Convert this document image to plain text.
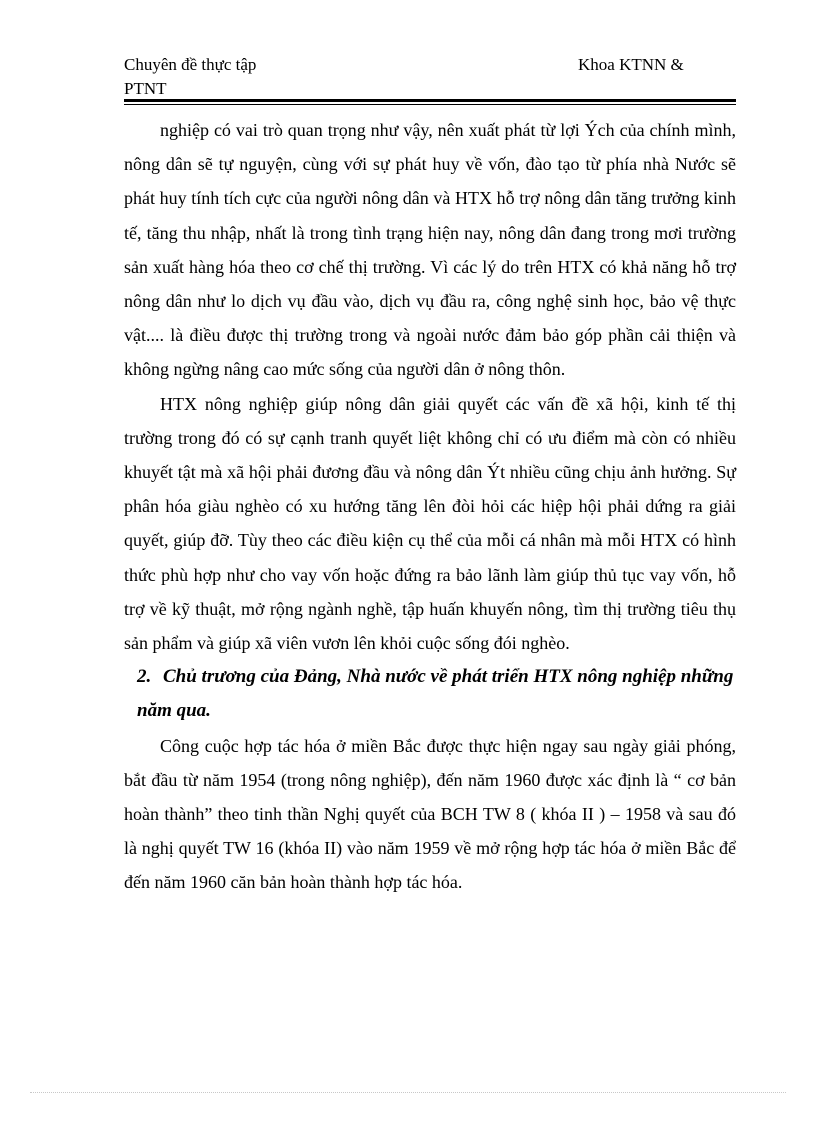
Chuyên đề thực tập	Khoa KTNN &
PTNT

nghiệp có vai trò quan trọng như vậy, nên xuất phát từ lợi Ých của chính mình, nông dân sẽ tự nguyện, cùng với sự phát huy về vốn, đào tạo từ phía nhà Nước sẽ phát huy tính tích cực của người nông dân và HTX hỗ trợ nông dân tăng trưởng kinh tế, tăng thu nhập, nhất là trong tình trạng hiện nay, nông dân đang trong mơi trường sản xuất hàng hóa theo cơ chế thị trường. Vì các lý do trên HTX có khả năng hỗ trợ nông dân như lo dịch vụ đầu vào, dịch vụ đầu ra, công nghệ sinh học, bảo vệ thực vật.... là điều được thị trường trong và ngoài nước đảm bảo góp phần cải thiện và không ngừng nâng cao mức sống của người dân ở nông thôn.

HTX nông nghiệp giúp nông dân giải quyết các vấn đề xã hội, kinh tế thị trường trong đó có sự cạnh tranh quyết liệt không chỉ có ưu điểm mà còn có nhiều khuyết tật mà xã hội phải đương đầu và nông dân Ýt nhiều cũng chịu ảnh hưởng. Sự phân hóa giàu nghèo có xu hướng tăng lên đòi hỏi các hiệp hội phải dứng ra giải quyết, giúp đỡ. Tùy theo các điều kiện cụ thể của mỗi cá nhân mà mỗi HTX có hình thức phù hợp như cho vay vốn hoặc đứng ra bảo lãnh làm giúp thủ tục vay vốn, hỗ trợ về kỹ thuật, mở rộng ngành nghề, tập huấn khuyến nông, tìm thị trường tiêu thụ sản phẩm và giúp xã viên vươn lên khỏi cuộc sống đói nghèo.

2. Chủ trương của Đảng, Nhà nước về phát triển HTX nông nghiệp những năm qua.

Công cuộc hợp tác hóa ở miền Bắc được thực hiện ngay sau ngày giải phóng, bắt đầu từ năm 1954 (trong nông nghiệp), đến năm 1960 được xác định là “ cơ bản hoàn thành” theo tinh thần Nghị quyết của BCH TW 8 ( khóa II ) – 1958 và sau đó là nghị quyết TW 16 (khóa II) vào năm 1959 về mở rộng hợp tác hóa ở miền Bắc để đến năm 1960 căn bản hoàn thành hợp tác hóa.
